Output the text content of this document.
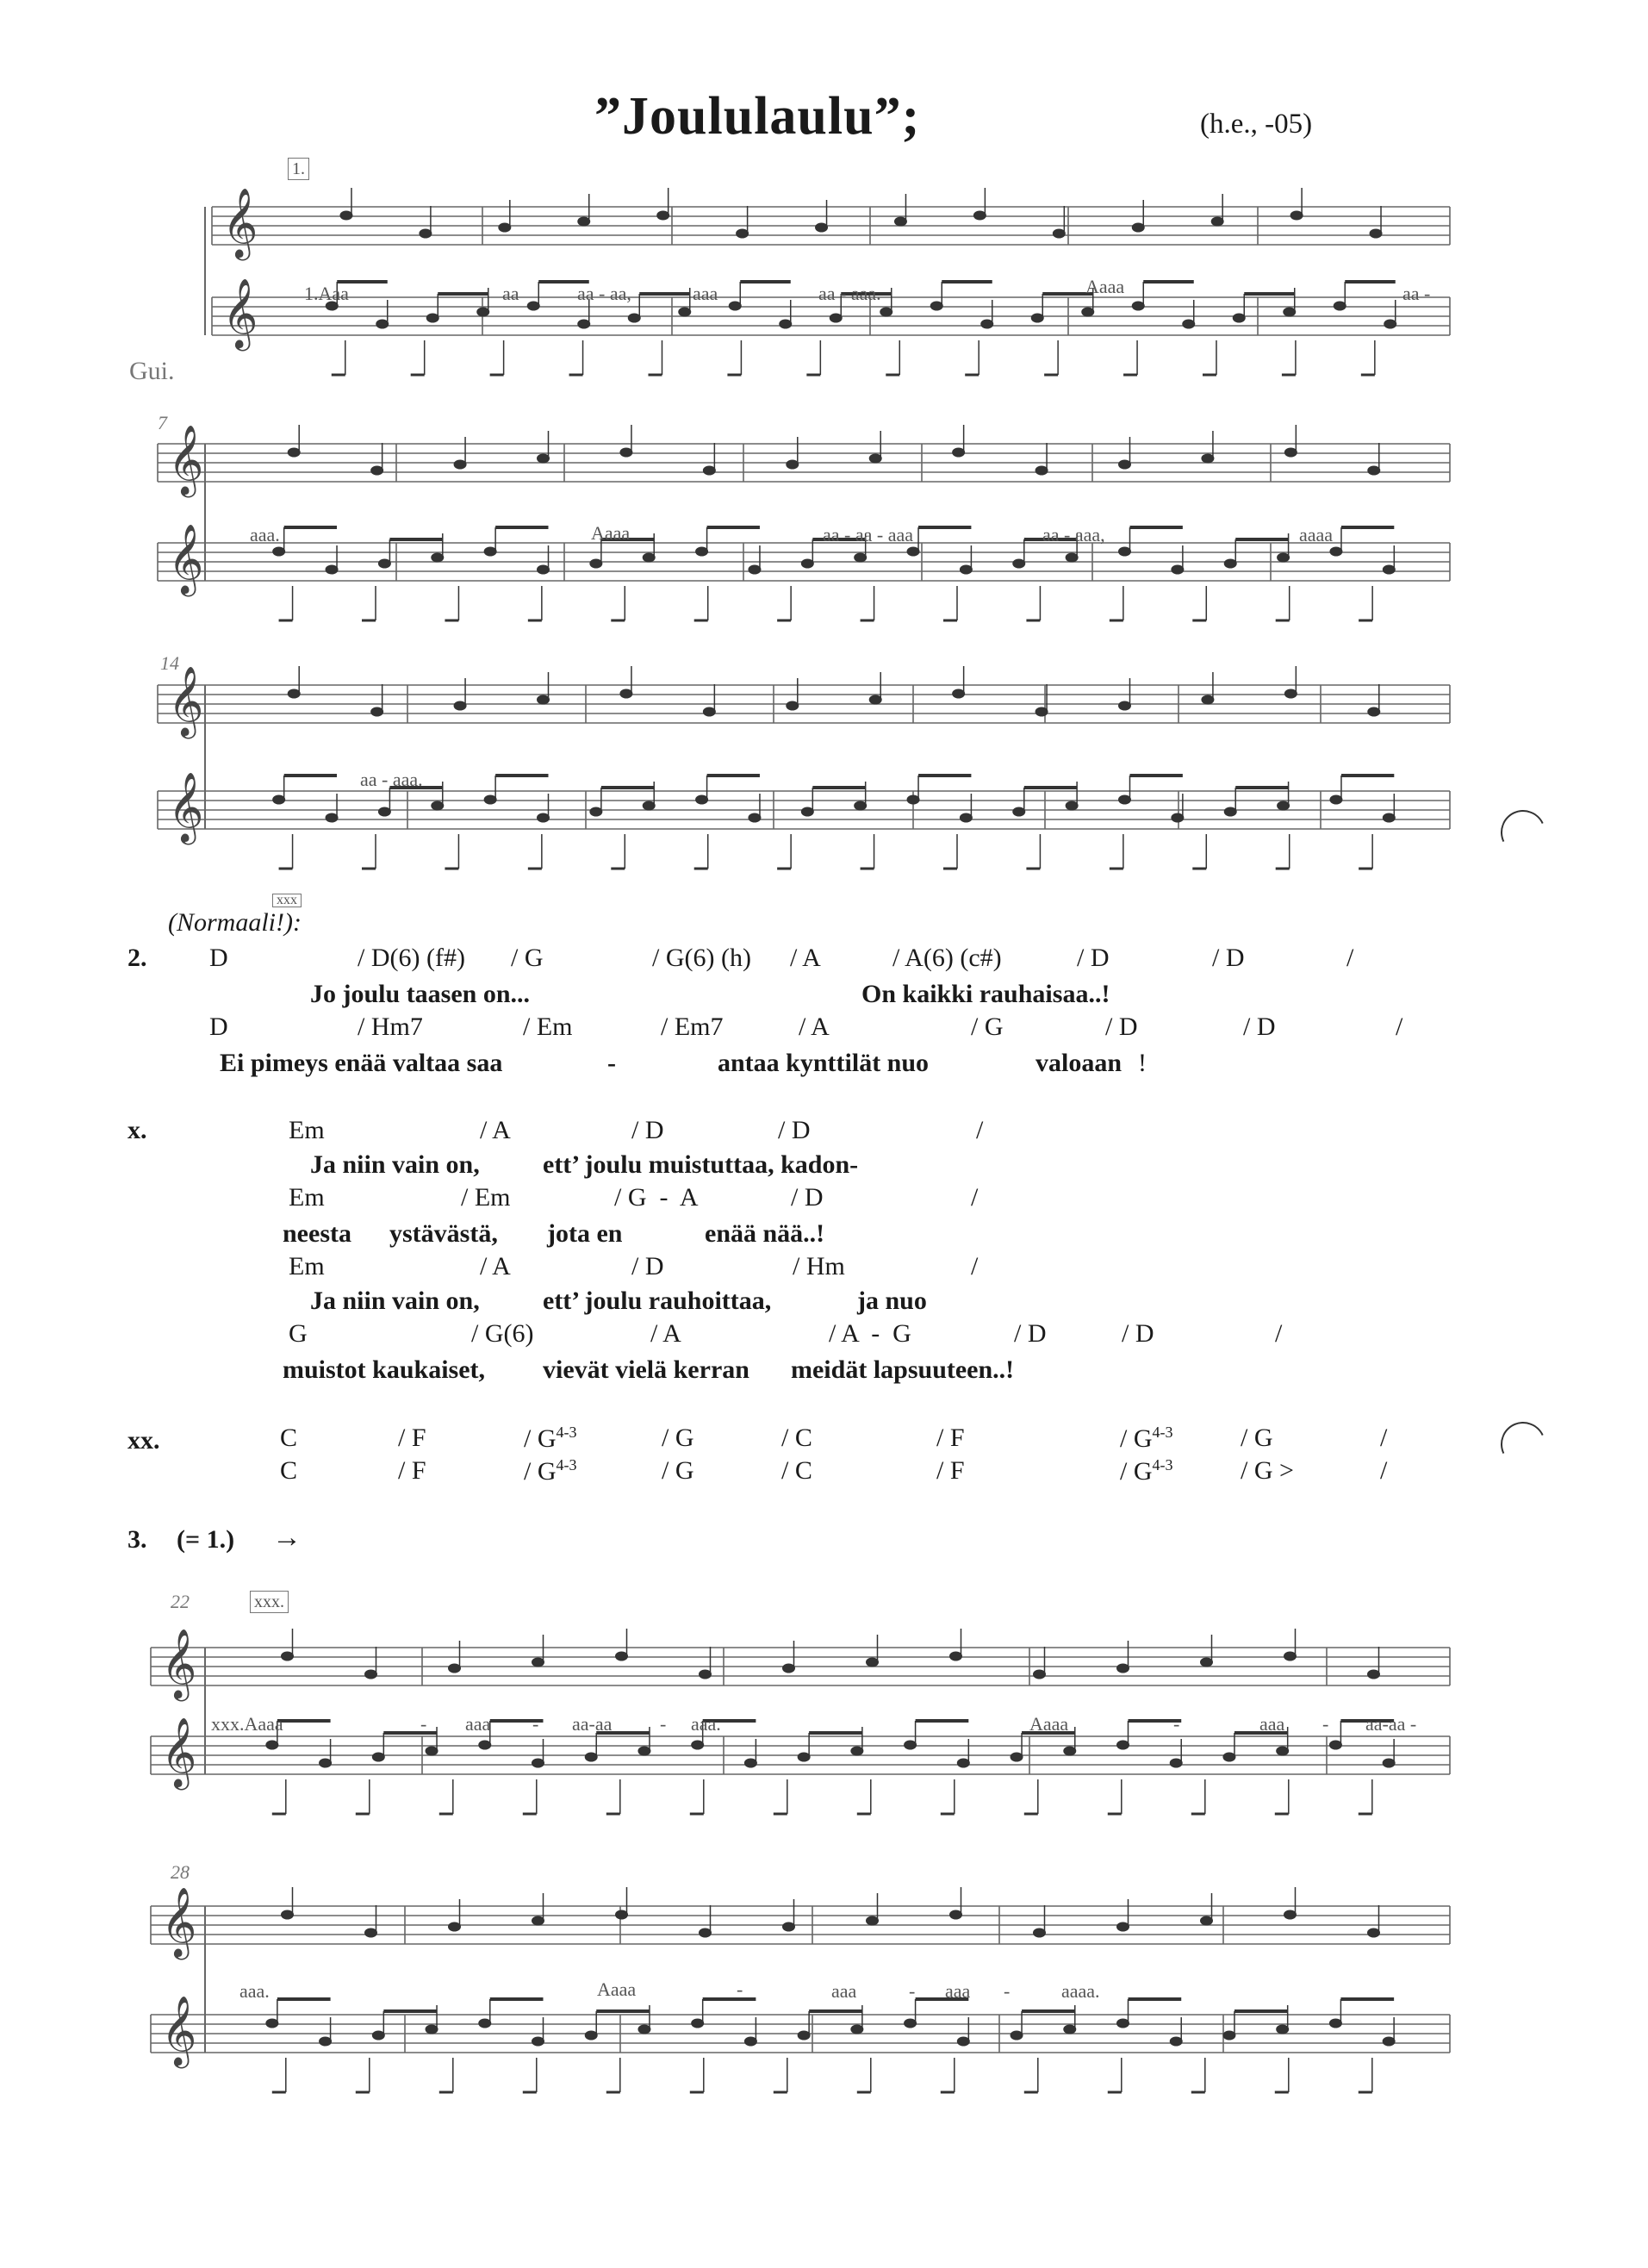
”Joululaulu”;	(h.e., -05)
𝄞
𝄞
𝄞
𝄞
𝄞
𝄞
𝄞
𝄞
𝄞
𝄞
1.
Gui.
7
14
1.Aaa	aa	aa - aa,	aaa	aa - aaa.	Aaaa	aa -
aaa.	Aaaa	aa - aa - aaa	aa - aaa,	aaaa
aa - aaa.
xxx
(Normaali!):
2. D	/ D(6) (f#) / G	/ G(6) (h) / A	/ A(6) (c#)	/ D	/ D	/
Jo joulu taasen on...	On kaikki rauhaisaa..!
D	/ Hm7	/ Em	/ Em7	/ A	/ G	/ D	/ D	/
Ei pimeys enää valtaa saa	-	antaa kynttilät nuo	valoaan !
x.	Em	/ A	/ D	/ D	/
Ja niin vain on, ett’ joulu muistuttaa, kadon-
Em	/ Em	/ G  -  A	/ D	/
neesta ystävästä, jota en	enää nää..!
Em	/ A	/ D	/ Hm	/
Ja niin vain on, ett’ joulu rauhoittaa,	ja nuo
G	/ G(6)	/ A	/ A  -  G	/ D	/ D	/
muistot kaukaiset, vievät vielä kerran meidät lapsuuteen..!
xx.	C	/ F	/ $G^{4-3}$	/ G	/ C	/ F	/ $G^{4-3}$	/ G	/
C	/ F	/ $G^{4-3}$	/ G	/ C	/ F	/ $G^{4-3}$	/ G >	/
3. (= 1.) →
22	xxx.
28
xxx.Aaaa	- aaa - aa-aa	- aaa.	Aaaa	-	aaa - aa-aa -
aaa.	Aaaa	-	aaa	- aaa -	aaaa.
